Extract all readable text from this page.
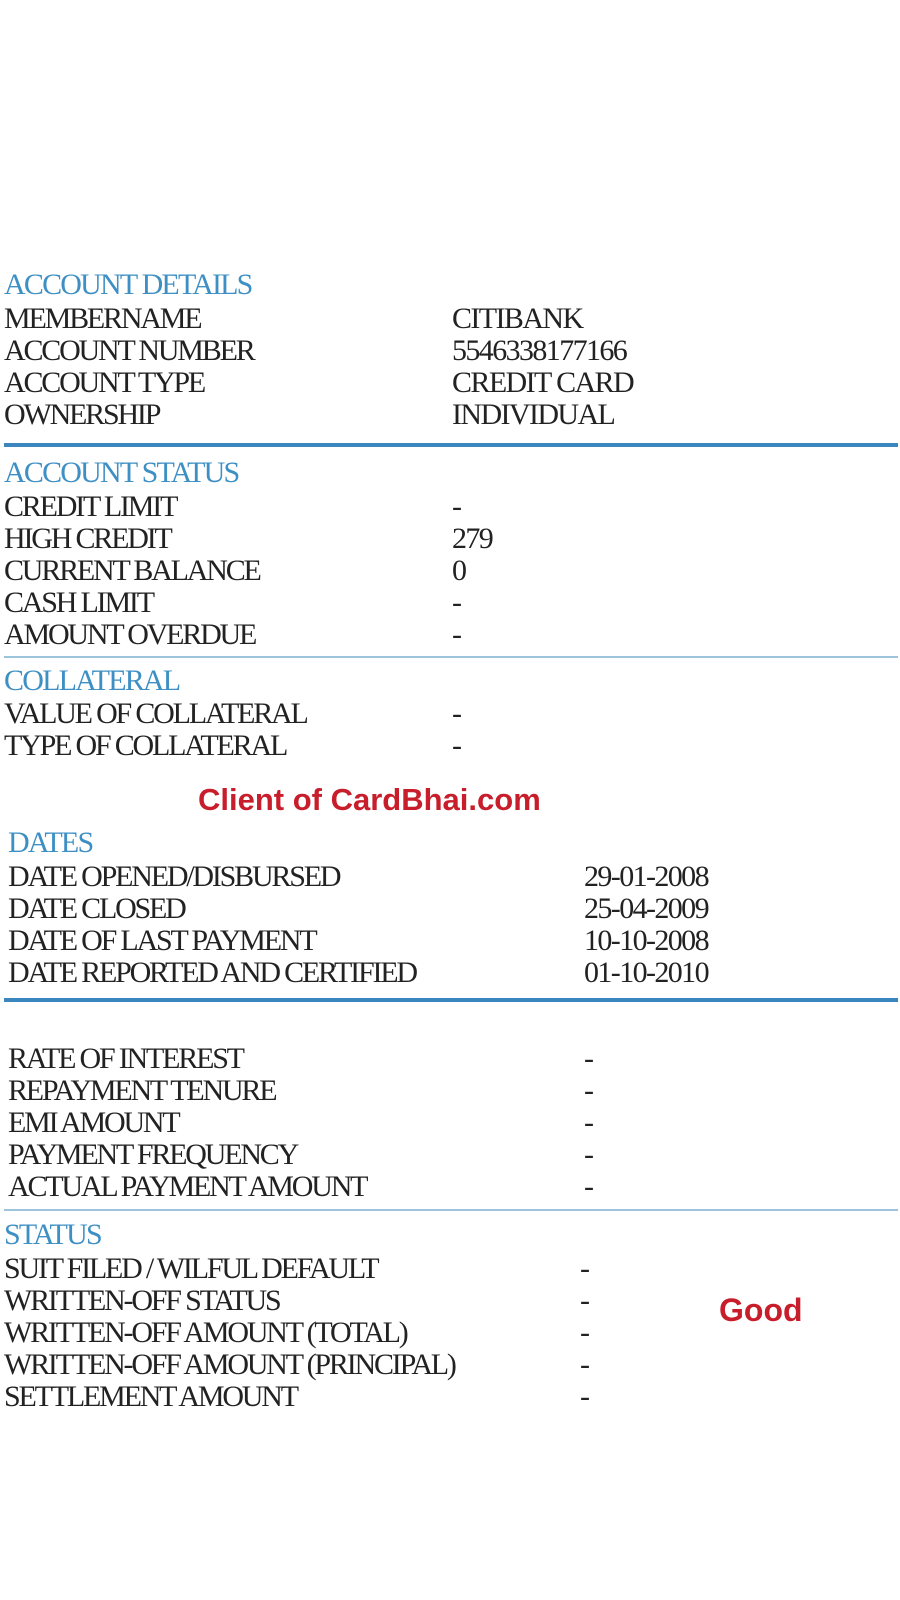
ACCOUNT DETAILS
MEMBERNAME	CITIBANK
ACCOUNT NUMBER	5546338177166
ACCOUNT TYPE	CREDIT CARD
OWNERSHIP	INDIVIDUAL
ACCOUNT STATUS
CREDIT LIMIT	-
HIGH CREDIT	279
CURRENT BALANCE	0
CASH LIMIT	-
AMOUNT OVERDUE	-
COLLATERAL
VALUE OF COLLATERAL	-
TYPE OF COLLATERAL	-
Client of CardBhai.com
DATES
DATE OPENED/DISBURSED	29-01-2008
DATE CLOSED	25-04-2009
DATE OF LAST PAYMENT	10-10-2008
DATE REPORTED AND CERTIFIED	01-10-2010
RATE OF INTEREST	-
REPAYMENT TENURE	-
EMI AMOUNT	-
PAYMENT FREQUENCY	-
ACTUAL PAYMENT AMOUNT	-
STATUS
SUIT FILED / WILFUL DEFAULT	-
WRITTEN-OFF STATUS	-
WRITTEN-OFF AMOUNT (TOTAL)	-
WRITTEN-OFF AMOUNT (PRINCIPAL)	-
SETTLEMENT AMOUNT	-
Good
